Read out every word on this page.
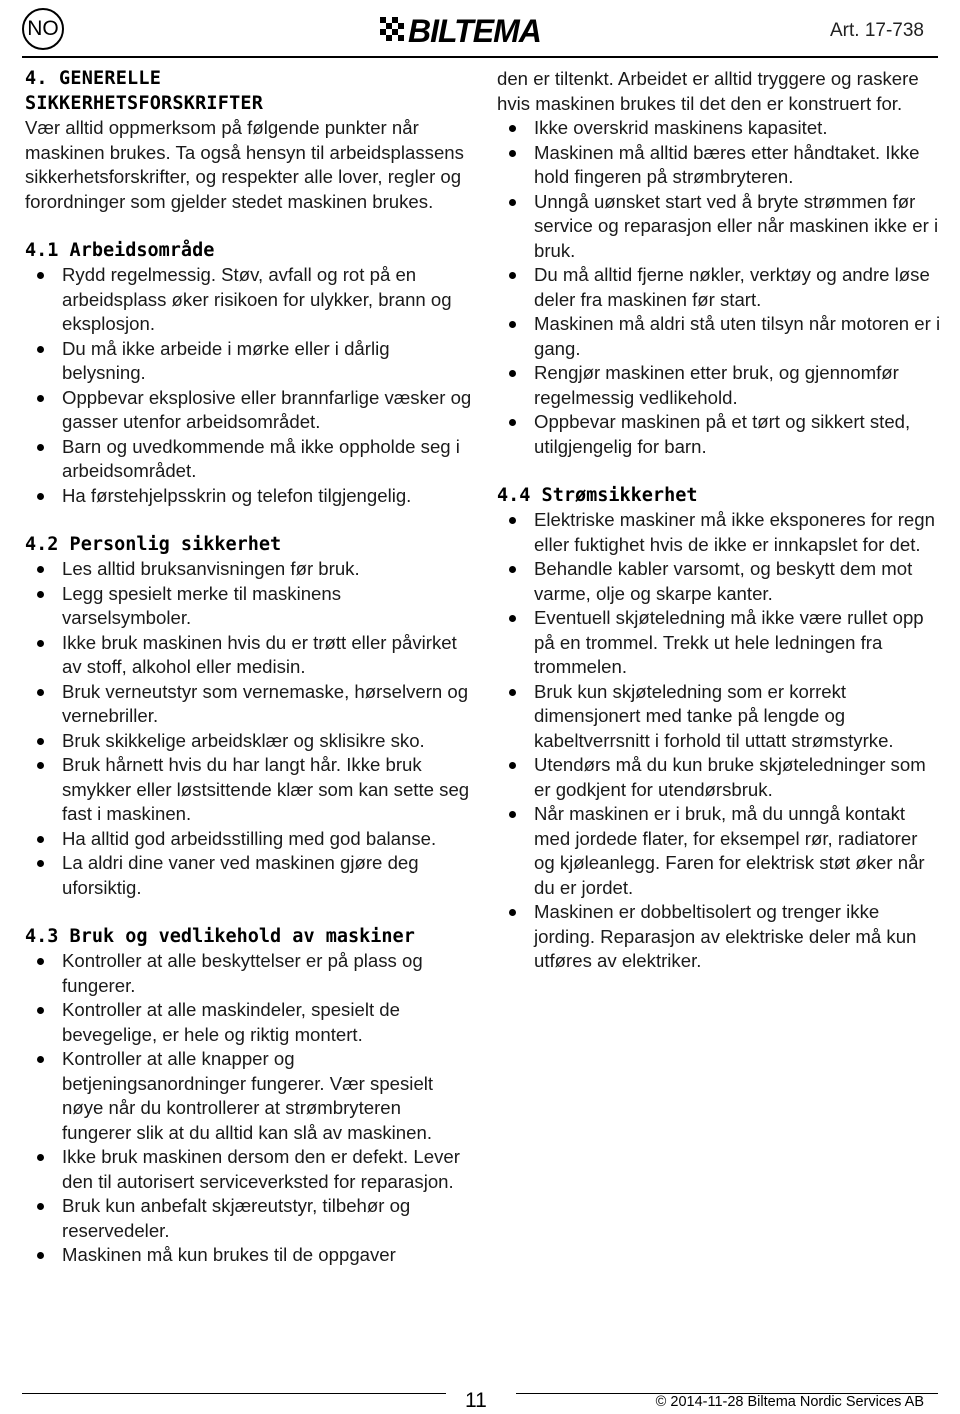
NO	BILTEMA	Art. 17-738
4. GENERELLE
SIKKERHETSFORSKRIFTER

Vær alltid oppmerksom på følgende punkter når maskinen brukes. Ta også hensyn til arbeidsplassens sikkerhetsforskrifter, og respekter alle lover, regler og forordninger som gjelder stedet maskinen brukes.

4.1 Arbeidsområde
Rydd regelmessig. Støv, avfall og rot på en arbeidsplass øker risikoen for ulykker, brann og eksplosjon.
Du må ikke arbeide i mørke eller i dårlig belysning.
Oppbevar eksplosive eller brannfarlige væsker og gasser utenfor arbeidsområdet.
Barn og uvedkommende må ikke oppholde seg i arbeidsområdet.
Ha førstehjelpsskrin og telefon tilgjengelig.
4.2 Personlig sikkerhet
Les alltid bruksanvisningen før bruk.
Legg spesielt merke til maskinens varselsymboler.
Ikke bruk maskinen hvis du er trøtt eller påvirket av stoff, alkohol eller medisin.
Bruk verneutstyr som vernemaske, hørselvern og vernebriller.
Bruk skikkelige arbeidsklær og sklisikre sko.
Bruk hårnett hvis du har langt hår. Ikke bruk smykker eller løstsittende klær som kan sette seg fast i maskinen.
Ha alltid god arbeidsstilling med god balanse.
La aldri dine vaner ved maskinen gjøre deg uforsiktig.
4.3 Bruk og vedlikehold av maskiner
Kontroller at alle beskyttelser er på plass og fungerer.
Kontroller at alle maskindeler, spesielt de bevegelige, er hele og riktig montert.
Kontroller at alle knapper og betjeningsanordninger fungerer. Vær spesielt nøye når du kontrollerer at strømbryteren fungerer slik at du alltid kan slå av maskinen.
Ikke bruk maskinen dersom den er defekt. Lever den til autorisert serviceverksted for reparasjon.
Bruk kun anbefalt skjæreutstyr, tilbehør og reservedeler.
Maskinen må kun brukes til de oppgaver

den er tiltenkt. Arbeidet er alltid tryggere og raskere hvis maskinen brukes til det den er konstruert for.

Ikke overskrid maskinens kapasitet.
Maskinen må alltid bæres etter håndtaket. Ikke hold fingeren på strømbryteren.
Unngå uønsket start ved å bryte strømmen før service og reparasjon eller når maskinen ikke er i bruk.
Du må alltid fjerne nøkler, verktøy og andre løse deler fra maskinen før start.
Maskinen må aldri stå uten tilsyn når motoren er i gang.
Rengjør maskinen etter bruk, og gjennomfør regelmessig vedlikehold.
Oppbevar maskinen på et tørt og sikkert sted, utilgjengelig for barn.
4.4 Strømsikkerhet
Elektriske maskiner må ikke eksponeres for regn eller fuktighet hvis de ikke er innkapslet for det.
Behandle kabler varsomt, og beskytt dem mot varme, olje og skarpe kanter.
Eventuell skjøteledning må ikke være rullet opp på en trommel. Trekk ut hele ledningen fra trommelen.
Bruk kun skjøteledning som er korrekt dimensjonert med tanke på lengde og kabeltverrsnitt i forhold til uttatt strømstyrke.
Utendørs må du kun bruke skjøteledninger som er godkjent for utendørsbruk.
Når maskinen er i bruk, må du unngå kontakt med jordede flater, for eksempel rør, radiatorer og kjøleanlegg. Faren for elektrisk støt øker når du er jordet.
Maskinen er dobbeltisolert og trenger ikke jording. Reparasjon av elektriske deler må kun utføres av elektriker.
11	© 2014-11-28 Biltema Nordic Services AB
